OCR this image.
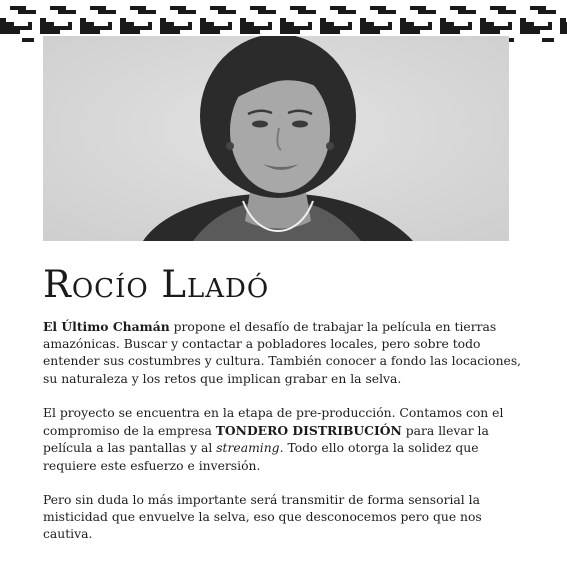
Rocío Lladó

El Último Chamán propone el desafío de trabajar la película en tierras amazónicas. Buscar y contactar a pobladores locales, pero sobre todo entender sus costumbres y cultura. También conocer a fondo las locaciones, su naturaleza y los retos que implican grabar en la selva.

El proyecto se encuentra en la etapa de pre-producción. Contamos con el compromiso de la empresa TONDERO DISTRIBUCIÓN para llevar la película a las pantallas y al streaming. Todo ello otorga la solidez que requiere este esfuerzo e inversión.

Pero sin duda lo más importante será transmitir de forma sensorial la misticidad que envuelve la selva, eso que desconocemos pero que nos cautiva.
